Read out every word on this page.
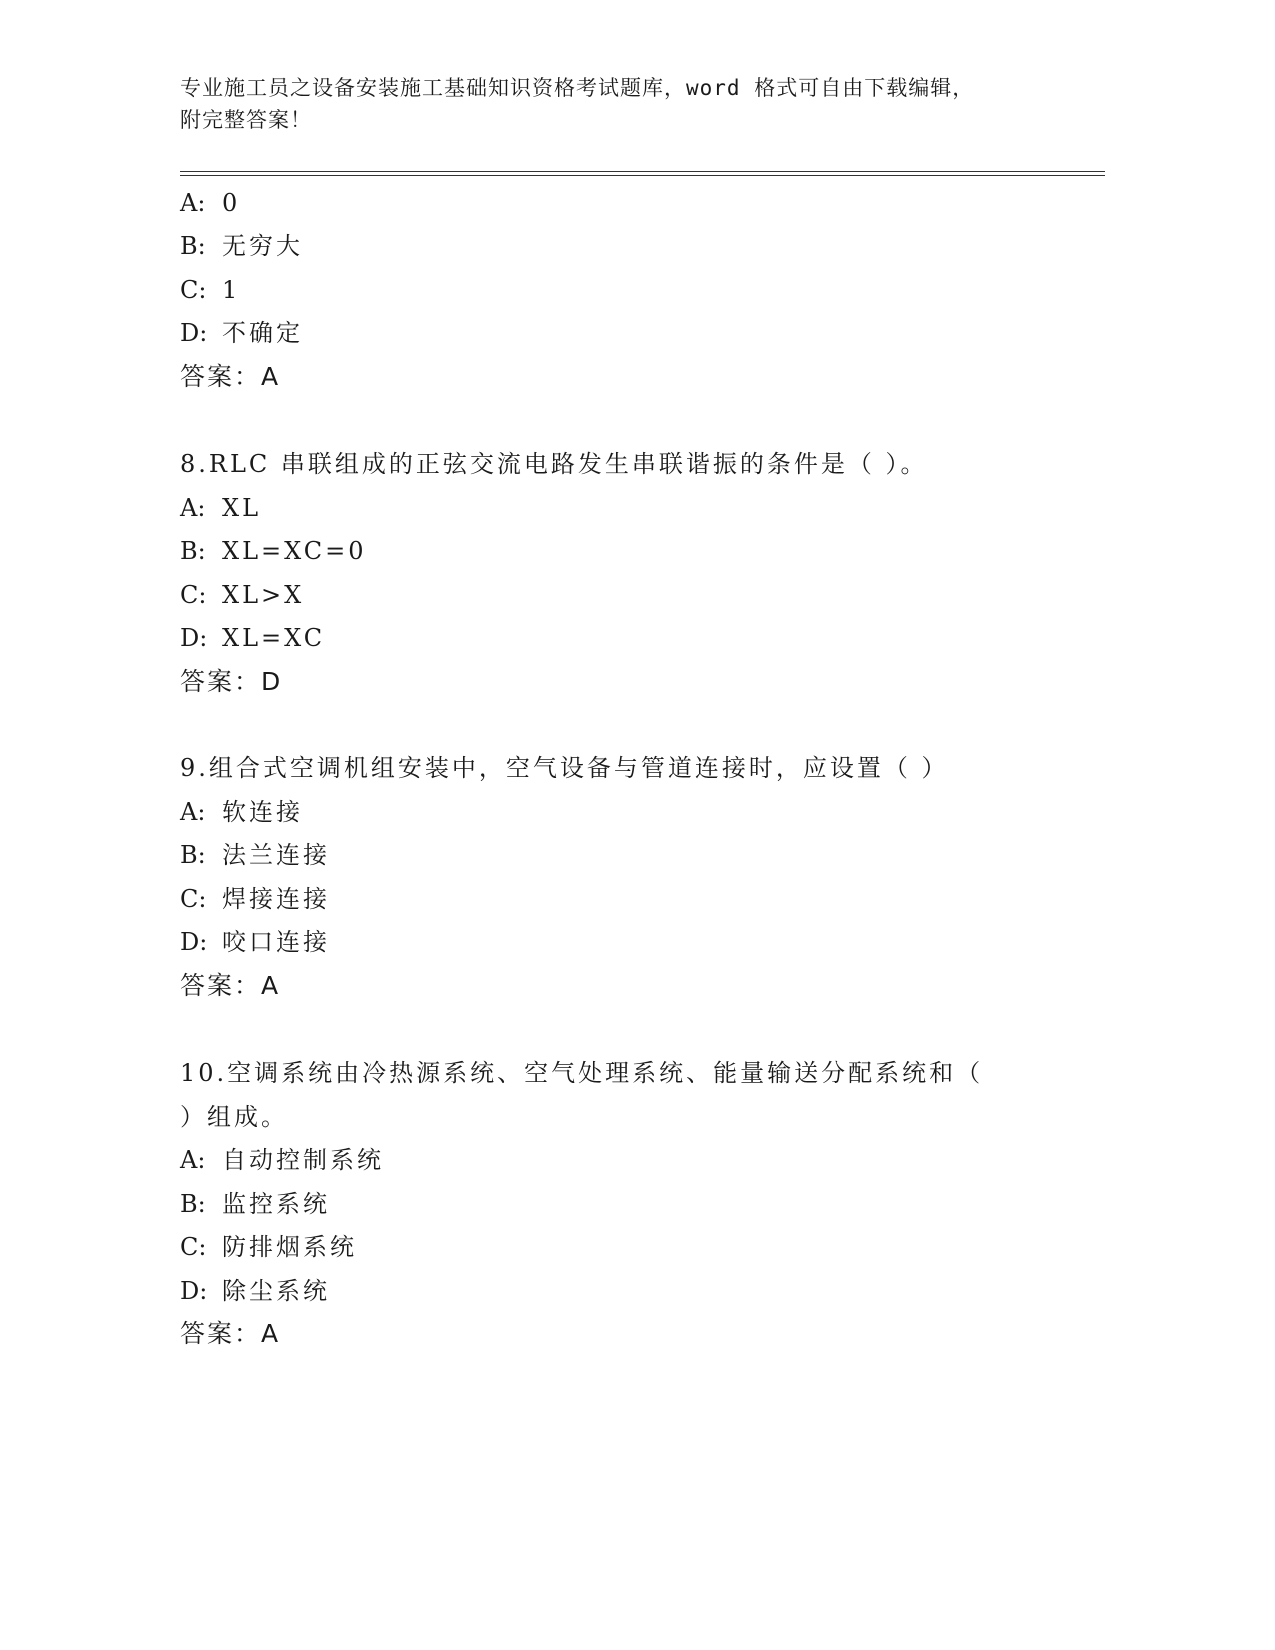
专业施工员之设备安装施工基础知识资格考试题库，word 格式可自由下载编辑，
附完整答案！
A: 0
B: 无穷大
C: 1
D: 不确定
答案：A
8.RLC 串联组成的正弦交流电路发生串联谐振的条件是（ ）。
A: XL
B: XL=XC=0
C: XL>X
D: XL=XC
答案：D
9.组合式空调机组安装中，空气设备与管道连接时，应设置（ ）
A: 软连接
B: 法兰连接
C: 焊接连接
D: 咬口连接
答案：A
10.空调系统由冷热源系统、空气处理系统、能量输送分配系统和（
）组成。
A: 自动控制系统
B: 监控系统
C: 防排烟系统
D: 除尘系统
答案：A
